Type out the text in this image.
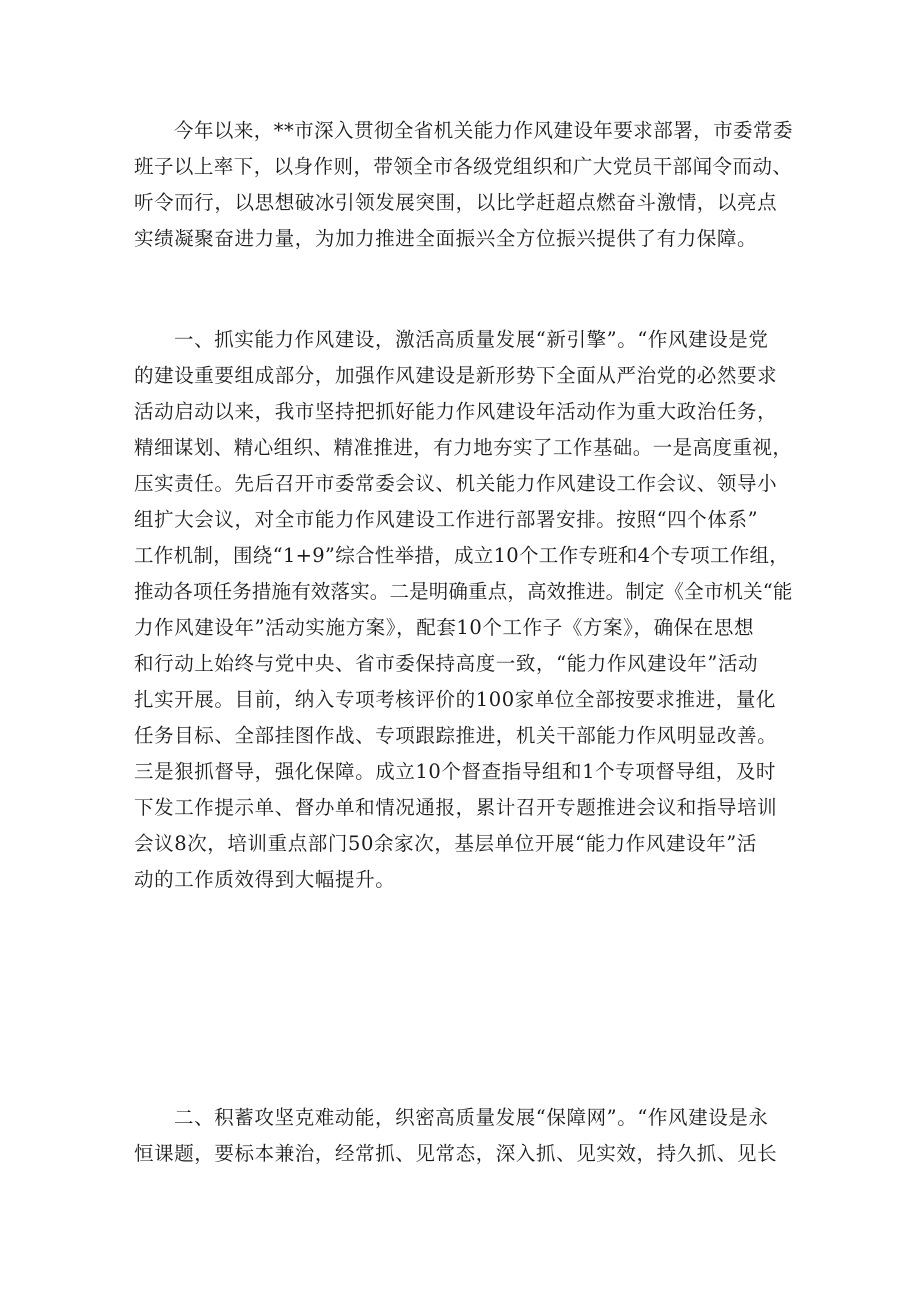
今年以来，**市深入贯彻全省机关能力作风建设年要求部署，市委常委
班子以上率下，以身作则，带领全市各级党组织和广大党员干部闻令而动、
听令而行，以思想破冰引领发展突围，以比学赶超点燃奋斗激情，以亮点
实绩凝聚奋进力量，为加力推进全面振兴全方位振兴提供了有力保障。
一、抓实能力作风建设，激活高质量发展“新引擎”。“作风建设是党
的建设重要组成部分，加强作风建设是新形势下全面从严治党的必然要求
活动启动以来，我市坚持把抓好能力作风建设年活动作为重大政治任务，
精细谋划、精心组织、精准推进，有力地夯实了工作基础。一是高度重视，
压实责任。先后召开市委常委会议、机关能力作风建设工作会议、领导小
组扩大会议，对全市能力作风建设工作进行部署安排。按照“四个体系”
工作机制，围绕“1+9”综合性举措，成立10个工作专班和4个专项工作组，
推动各项任务措施有效落实。二是明确重点，高效推进。制定《全市机关“能
力作风建设年”活动实施方案》，配套10个工作子《方案》，确保在思想
和行动上始终与党中央、省市委保持高度一致，“能力作风建设年”活动
扎实开展。目前，纳入专项考核评价的100家单位全部按要求推进，量化
任务目标、全部挂图作战、专项跟踪推进，机关干部能力作风明显改善。
三是狠抓督导，强化保障。成立10个督查指导组和1个专项督导组，及时
下发工作提示单、督办单和情况通报，累计召开专题推进会议和指导培训
会议8次，培训重点部门50余家次，基层单位开展“能力作风建设年”活
动的工作质效得到大幅提升。
二、积蓄攻坚克难动能，织密高质量发展“保障网”。“作风建设是永
恒课题，要标本兼治，经常抓、见常态，深入抓、见实效，持久抓、见长
